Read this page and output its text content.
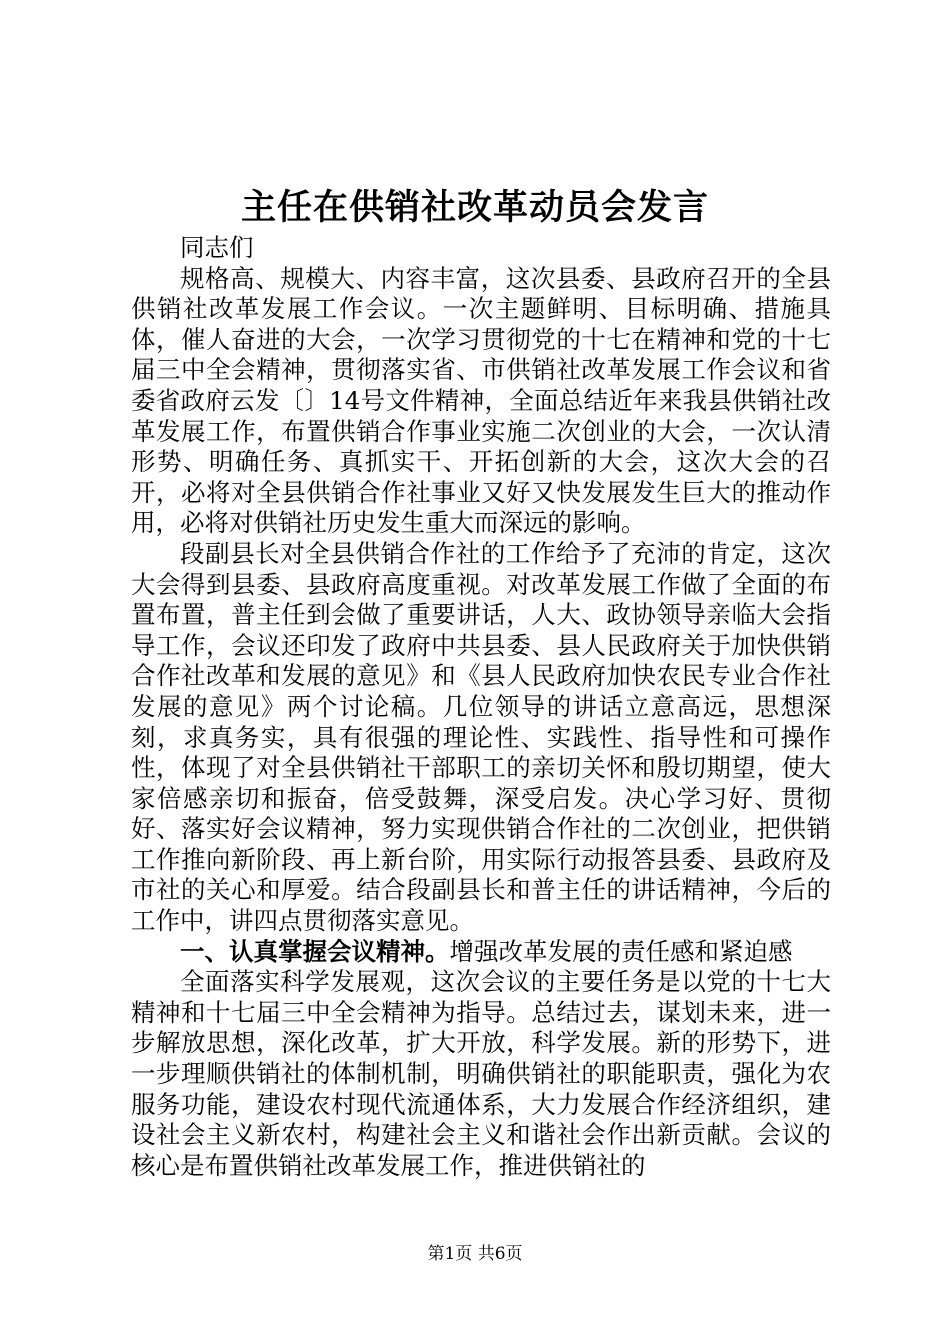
主任在供销社改革动员会发言

同志们

规格高、规模大、内容丰富，这次县委、县政府召开的全县供销社改革发展工作会议。一次主题鲜明、目标明确、措施具体，催人奋进的大会，一次学习贯彻党的十七在精神和党的十七届三中全会精神，贯彻落实省、市供销社改革发展工作会议和省委省政府云发〔〕14号文件精神，全面总结近年来我县供销社改革发展工作，布置供销合作事业实施二次创业的大会，一次认清形势、明确任务、真抓实干、开拓创新的大会，这次大会的召开，必将对全县供销合作社事业又好又快发展发生巨大的推动作用，必将对供销社历史发生重大而深远的影响。

段副县长对全县供销合作社的工作给予了充沛的肯定，这次大会得到县委、县政府高度重视。对改革发展工作做了全面的布置布置，普主任到会做了重要讲话，人大、政协领导亲临大会指导工作，会议还印发了政府中共县委、县人民政府关于加快供销合作社改革和发展的意见》和《县人民政府加快农民专业合作社发展的意见》两个讨论稿。几位领导的讲话立意高远，思想深刻，求真务实，具有很强的理论性、实践性、指导性和可操作性，体现了对全县供销社干部职工的亲切关怀和殷切期望，使大家倍感亲切和振奋，倍受鼓舞，深受启发。决心学习好、贯彻好、落实好会议精神，努力实现供销合作社的二次创业，把供销工作推向新阶段、再上新台阶，用实际行动报答县委、县政府及市社的关心和厚爱。结合段副县长和普主任的讲话精神，今后的工作中，讲四点贯彻落实意见。

一、认真掌握会议精神。增强改革发展的责任感和紧迫感

全面落实科学发展观，这次会议的主要任务是以党的十七大精神和十七届三中全会精神为指导。总结过去，谋划未来，进一步解放思想，深化改革，扩大开放，科学发展。新的形势下，进一步理顺供销社的体制机制，明确供销社的职能职责，强化为农服务功能，建设农村现代流通体系，大力发展合作经济组织，建设社会主义新农村，构建社会主义和谐社会作出新贡献。会议的核心是布置供销社改革发展工作，推进供销社的

第1页 共6页
